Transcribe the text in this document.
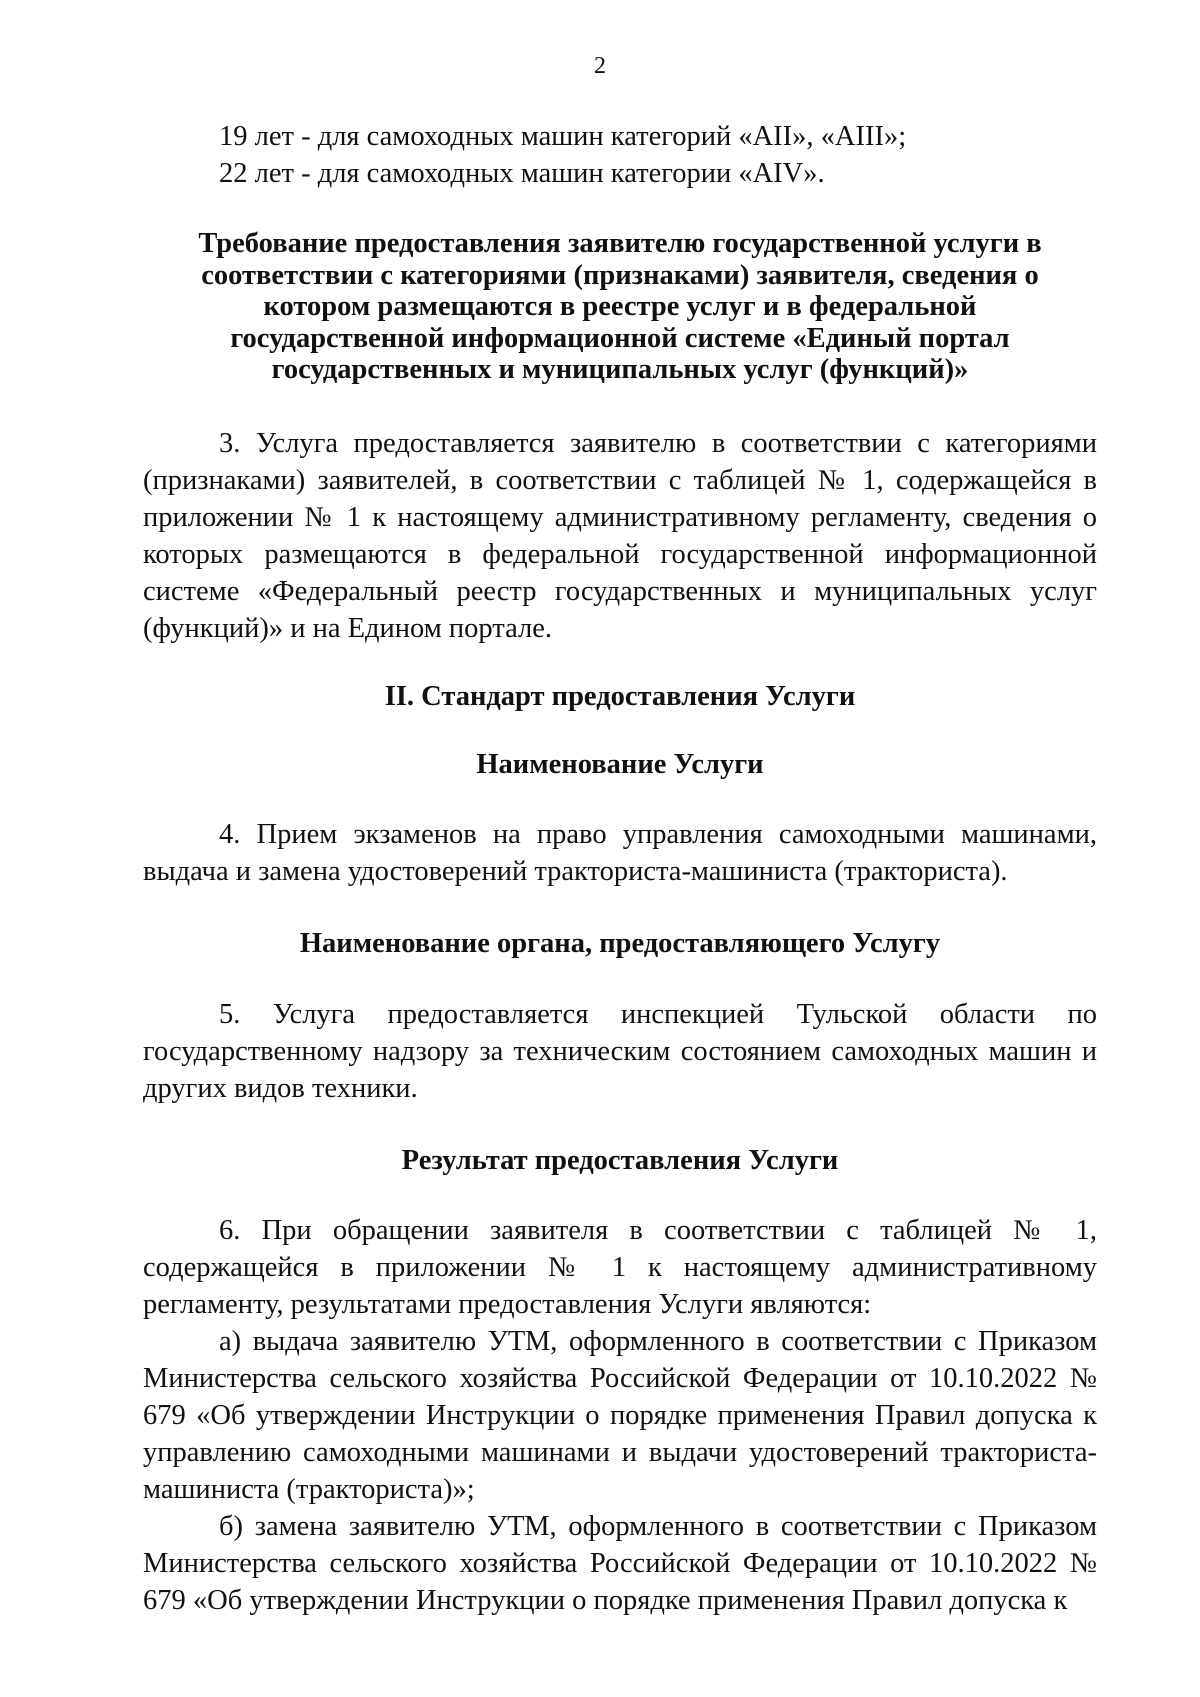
2

19 лет - для самоходных машин категорий «AII», «AIII»;

22 лет - для самоходных машин категории «AIV».

Требование предоставления заявителю государственной услуги в соответствии с категориями (признаками) заявителя, сведения о котором размещаются в реестре услуг и в федеральной государственной информационной системе «Единый портал государственных и муниципальных услуг (функций)»

3. Услуга предоставляется заявителю в соответствии с категориями (признаками) заявителей, в соответствии с таблицей № 1, содержащейся в приложении № 1 к настоящему административному регламенту, сведения о которых размещаются в федеральной государственной информационной системе «Федеральный реестр государственных и муниципальных услуг (функций)» и на Едином портале.

II. Стандарт предоставления Услуги

Наименование Услуги

4. Прием экзаменов на право управления самоходными машинами, выдача и замена удостоверений тракториста-машиниста (тракториста).

Наименование органа, предоставляющего Услугу

5. Услуга предоставляется инспекцией Тульской области по государственному надзору за техническим состоянием самоходных машин и других видов техники.

Результат предоставления Услуги

6. При обращении заявителя в соответствии с таблицей № 1, содержащейся в приложении № 1 к настоящему административному регламенту, результатами предоставления Услуги являются:

а) выдача заявителю УТМ, оформленного в соответствии с Приказом Министерства сельского хозяйства Российской Федерации от 10.10.2022 № 679 «Об утверждении Инструкции о порядке применения Правил допуска к управлению самоходными машинами и выдачи удостоверений тракториста-машиниста (тракториста)»;

б) замена заявителю УТМ, оформленного в соответствии с Приказом Министерства сельского хозяйства Российской Федерации от 10.10.2022 № 679 «Об утверждении Инструкции о порядке применения Правил допуска к
